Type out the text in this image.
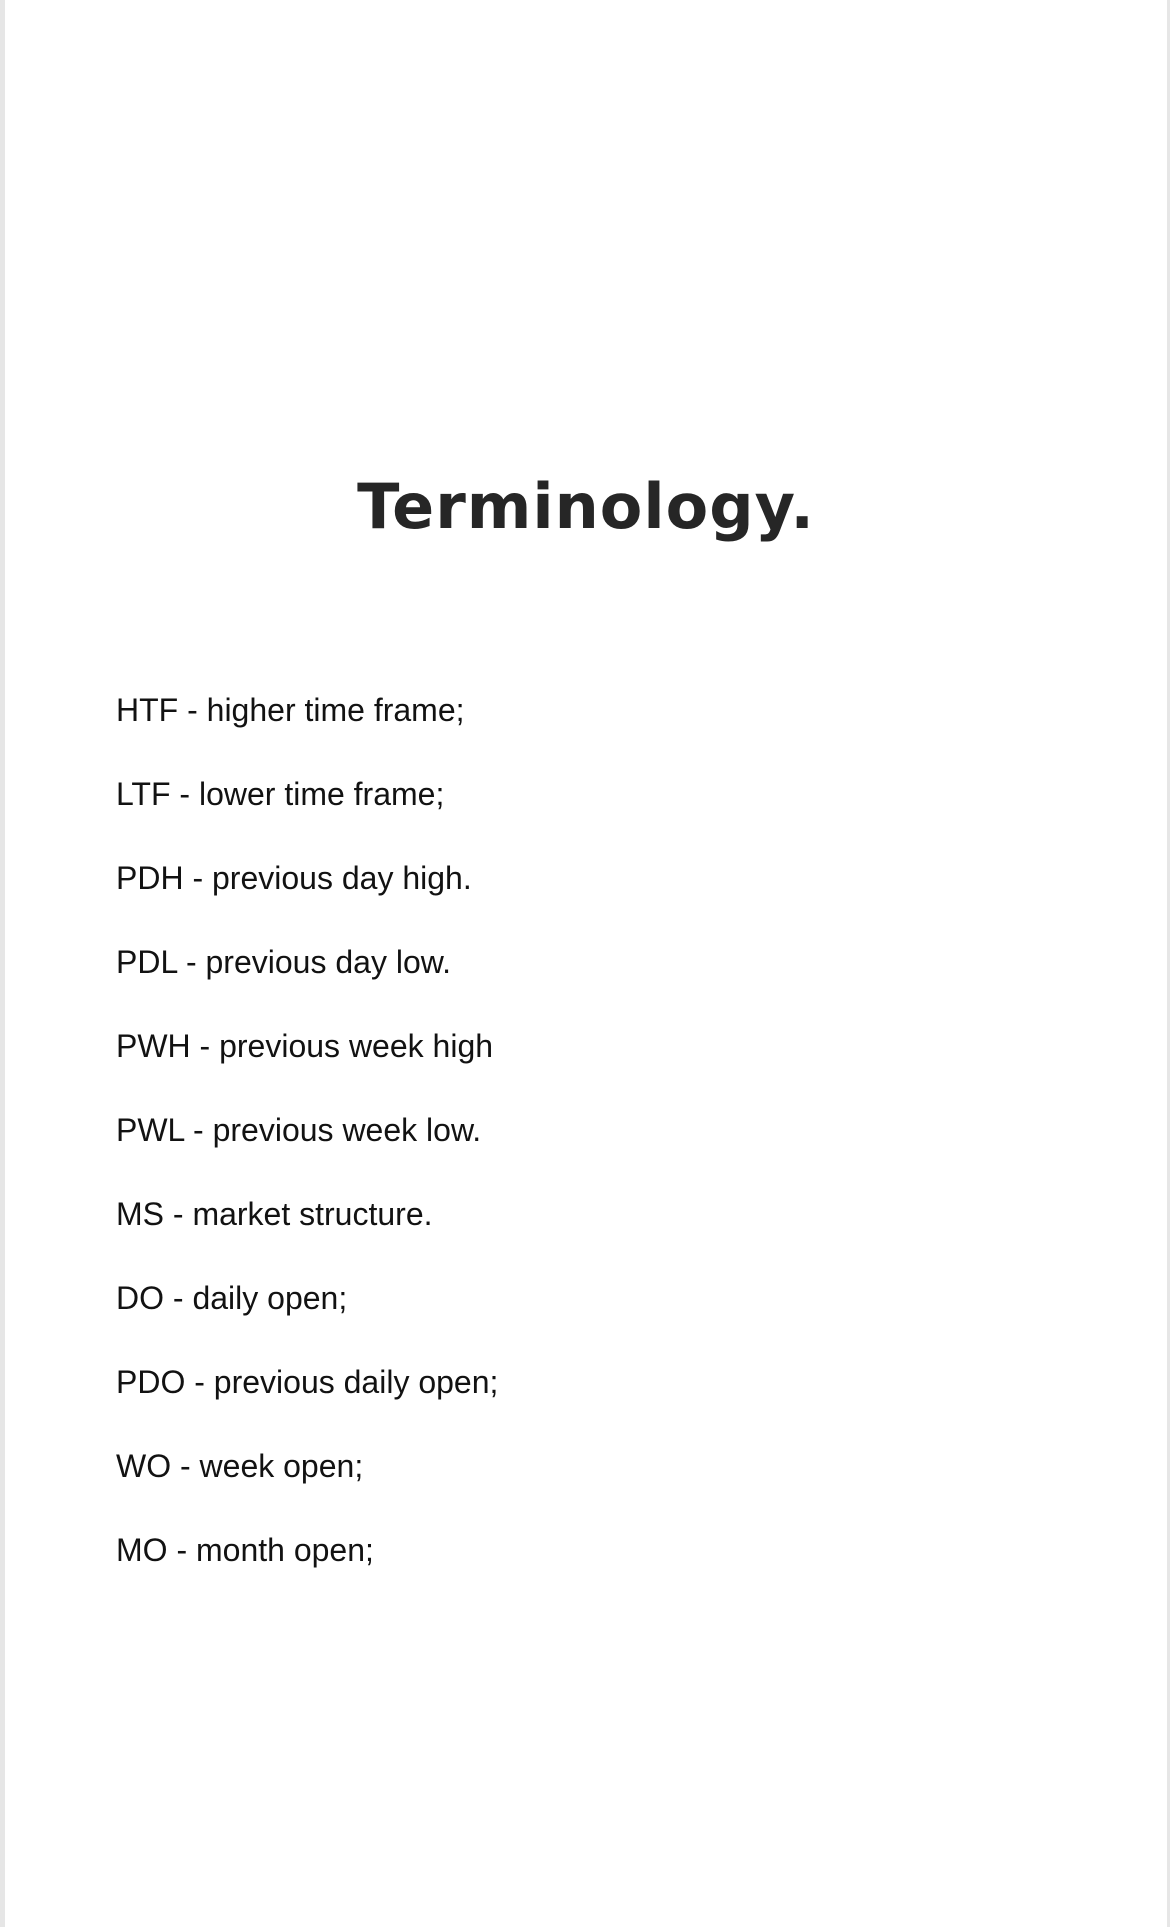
Terminology.
HTF - higher time frame;
LTF - lower time frame;
PDH - previous day high.
PDL - previous day low.
PWH - previous week high
PWL - previous week low.
MS - market structure.
DO - daily open;
PDO - previous daily open;
WO - week open;
MO - month open;
